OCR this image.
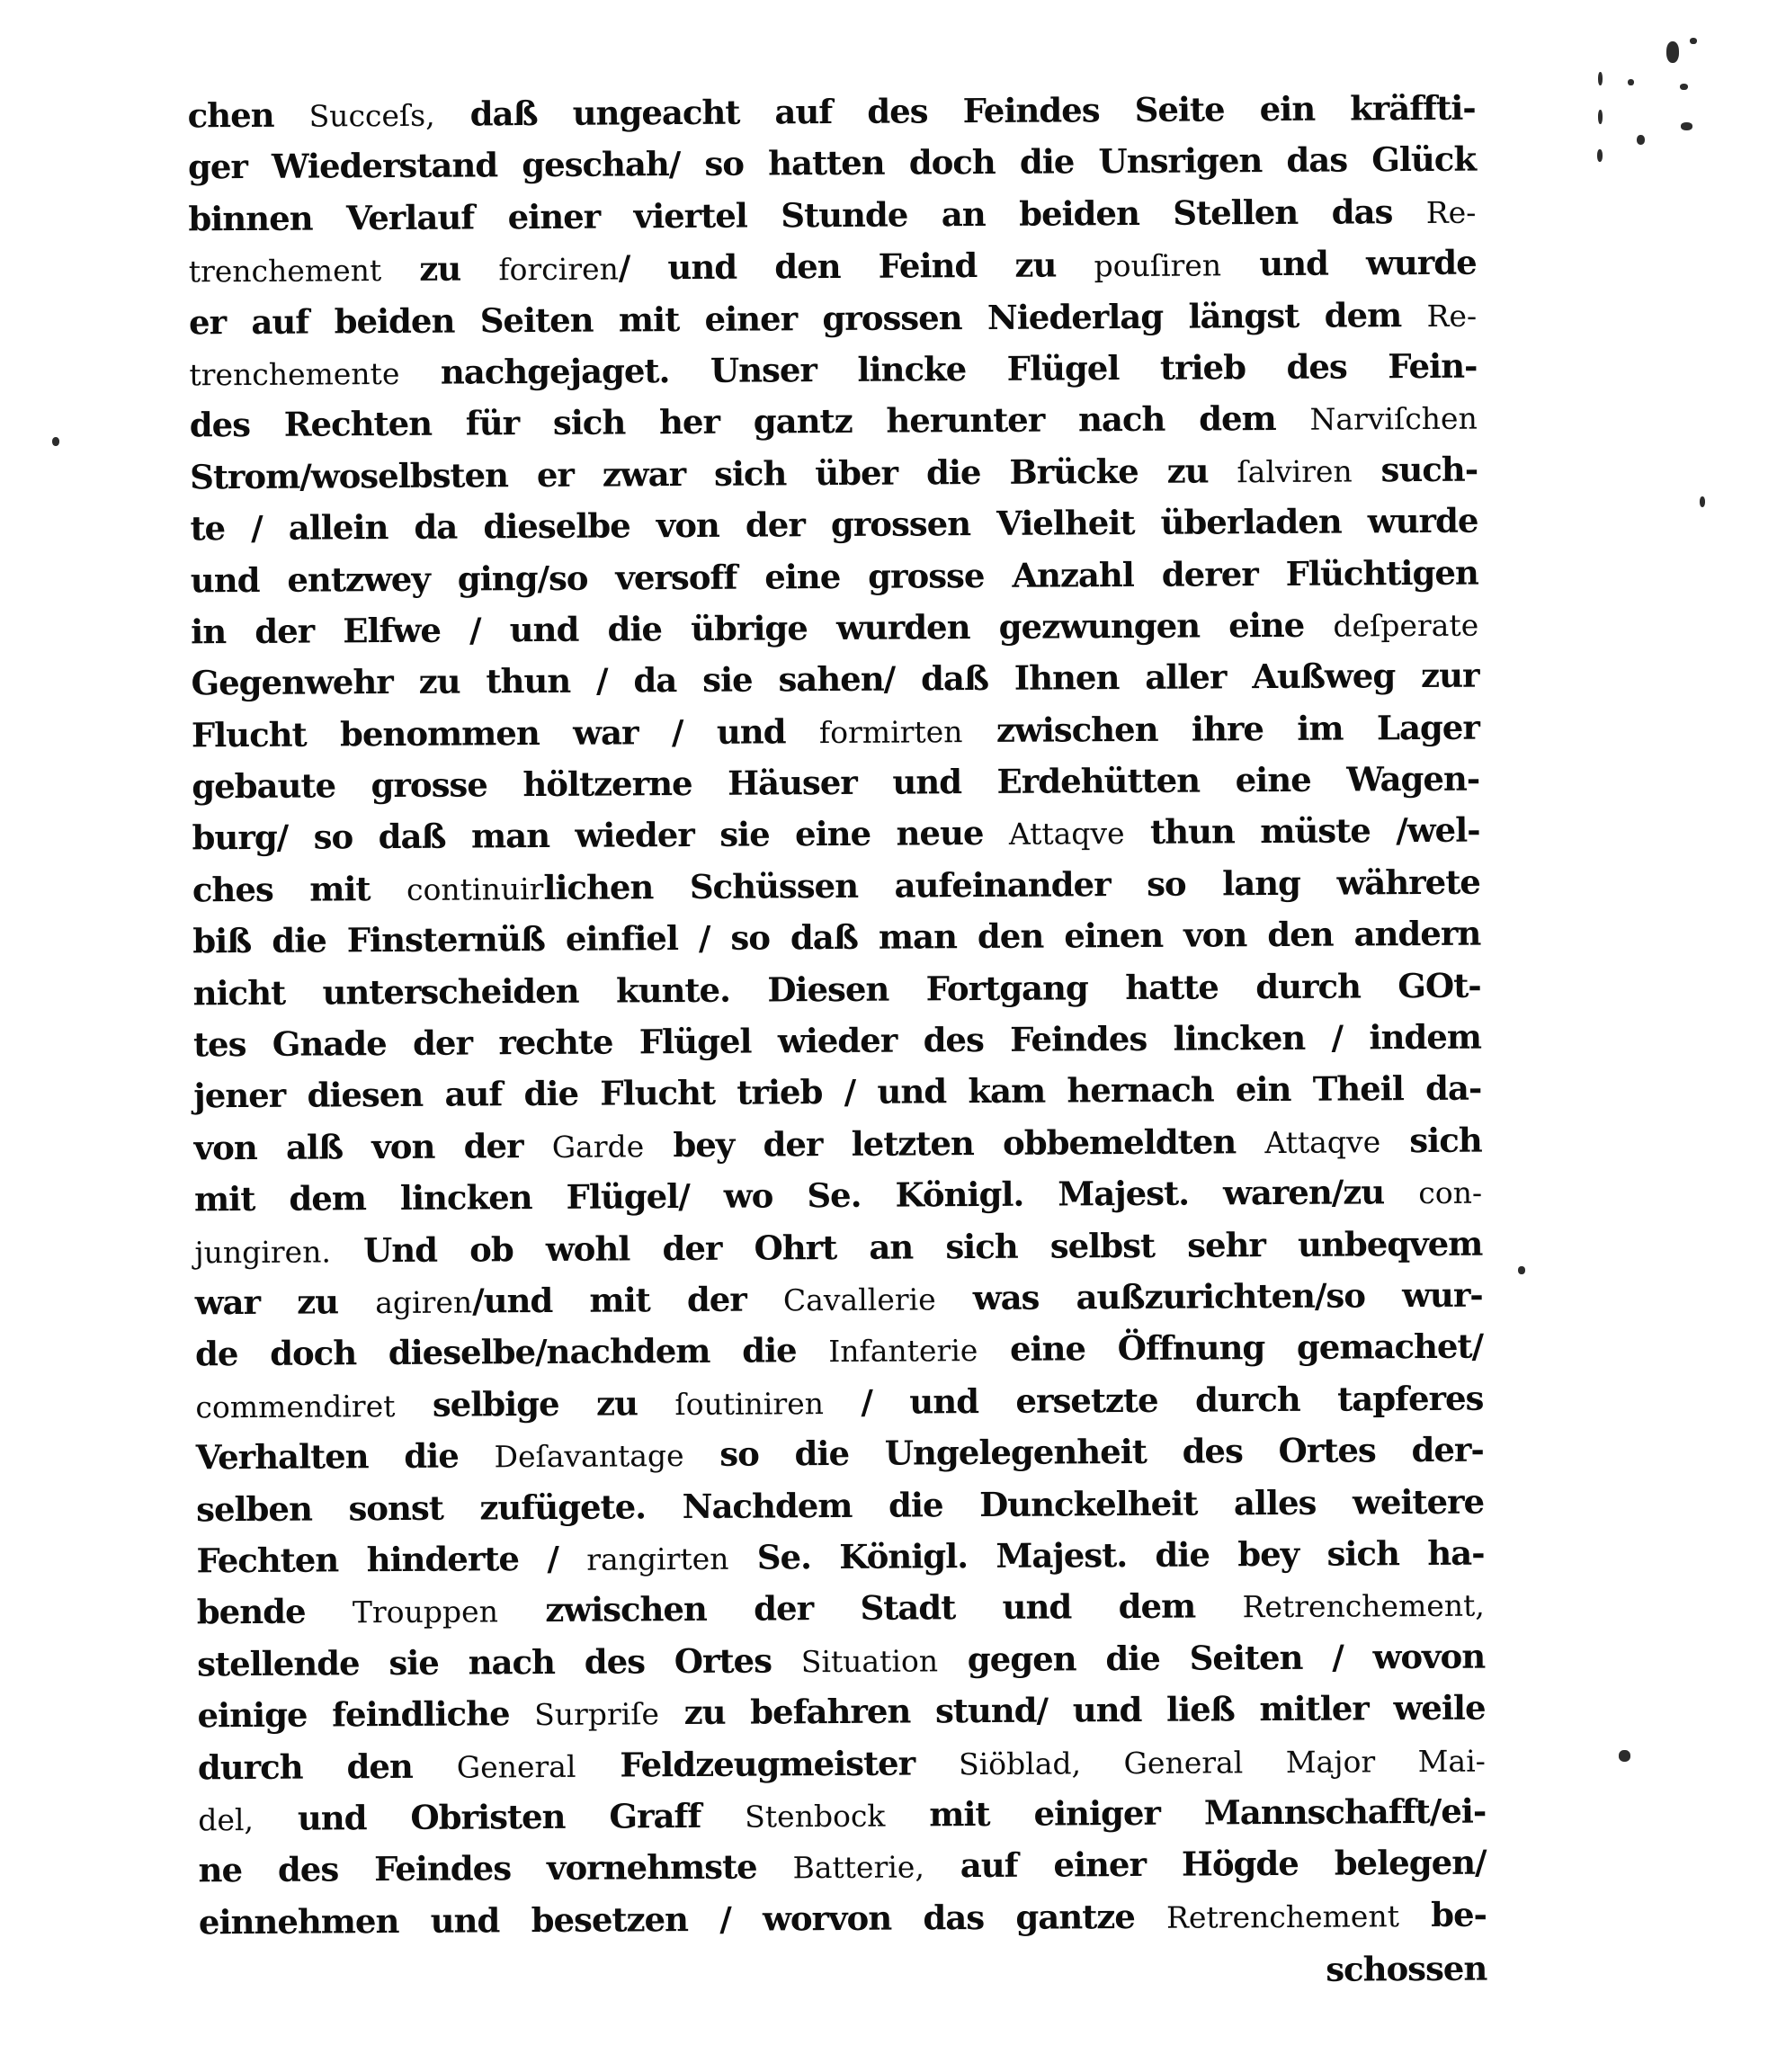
chen Succeſs, daß ungeacht auf des Feindes Seite ein kräffti-
ger Wiederstand geschah/ so hatten doch die Unsrigen das Glück
binnen Verlauf einer viertel Stunde an beiden Stellen das Re-
trenchement zu forciren/ und den Feind zu pouſiren und wurde
er auf beiden Seiten mit einer grossen Niederlag längst dem Re-
trenchemente nachgejaget. Unser lincke Flügel trieb des Fein-
des Rechten für sich her gantz herunter nach dem Narviſchen
Strom/woselbsten er zwar sich über die Brücke zu ſalviren such-
te / allein da dieselbe von der grossen Vielheit überladen wurde
und entzwey ging/so versoff eine grosse Anzahl derer Flüchtigen
in der Elfwe / und die übrige wurden gezwungen eine deſperate
Gegenwehr zu thun / da sie sahen/ daß Ihnen aller Außweg zur
Flucht benommen war / und formirten zwischen ihre im Lager
gebaute grosse höltzerne Häuser und Erdehütten eine Wagen-
burg/ so daß man wieder sie eine neue Attaqve thun müste /wel-
ches mit continuirlichen Schüssen aufeinander so lang währete
biß die Finsternüß einfiel / so daß man den einen von den andern
nicht unterscheiden kunte. Diesen Fortgang hatte durch GOt-
tes Gnade der rechte Flügel wieder des Feindes lincken / indem
jener diesen auf die Flucht trieb / und kam hernach ein Theil da-
von alß von der Garde bey der letzten obbemeldten Attaqve sich
mit dem lincken Flügel/ wo Se. Königl. Majest. waren/zu con-
jungiren. Und ob wohl der Ohrt an sich selbst sehr unbeqvem
war zu agiren/und mit der Cavallerie was außzurichten/so wur-
de doch dieselbe/nachdem die Infanterie eine Öffnung gemachet/
commendiret selbige zu ſoutiniren / und ersetzte durch tapferes
Verhalten die Deſavantage so die Ungelegenheit des Ortes der-
selben sonst zufügete. Nachdem die Dunckelheit alles weitere
Fechten hinderte / rangirten Se. Königl. Majest. die bey sich ha-
bende Trouppen zwischen der Stadt und dem Retrenchement,
stellende sie nach des Ortes Situation gegen die Seiten / wovon
einige feindliche Surpriſe zu befahren stund/ und ließ mitler weile
durch den General Feldzeugmeister Siöblad, General Major Mai-
del, und Obristen Graff Stenbock mit einiger Mannschafft/ei-
ne des Feindes vornehmste Batterie, auf einer Högde belegen/
einnehmen und besetzen / worvon das gantze Retrenchement be-
schossen
